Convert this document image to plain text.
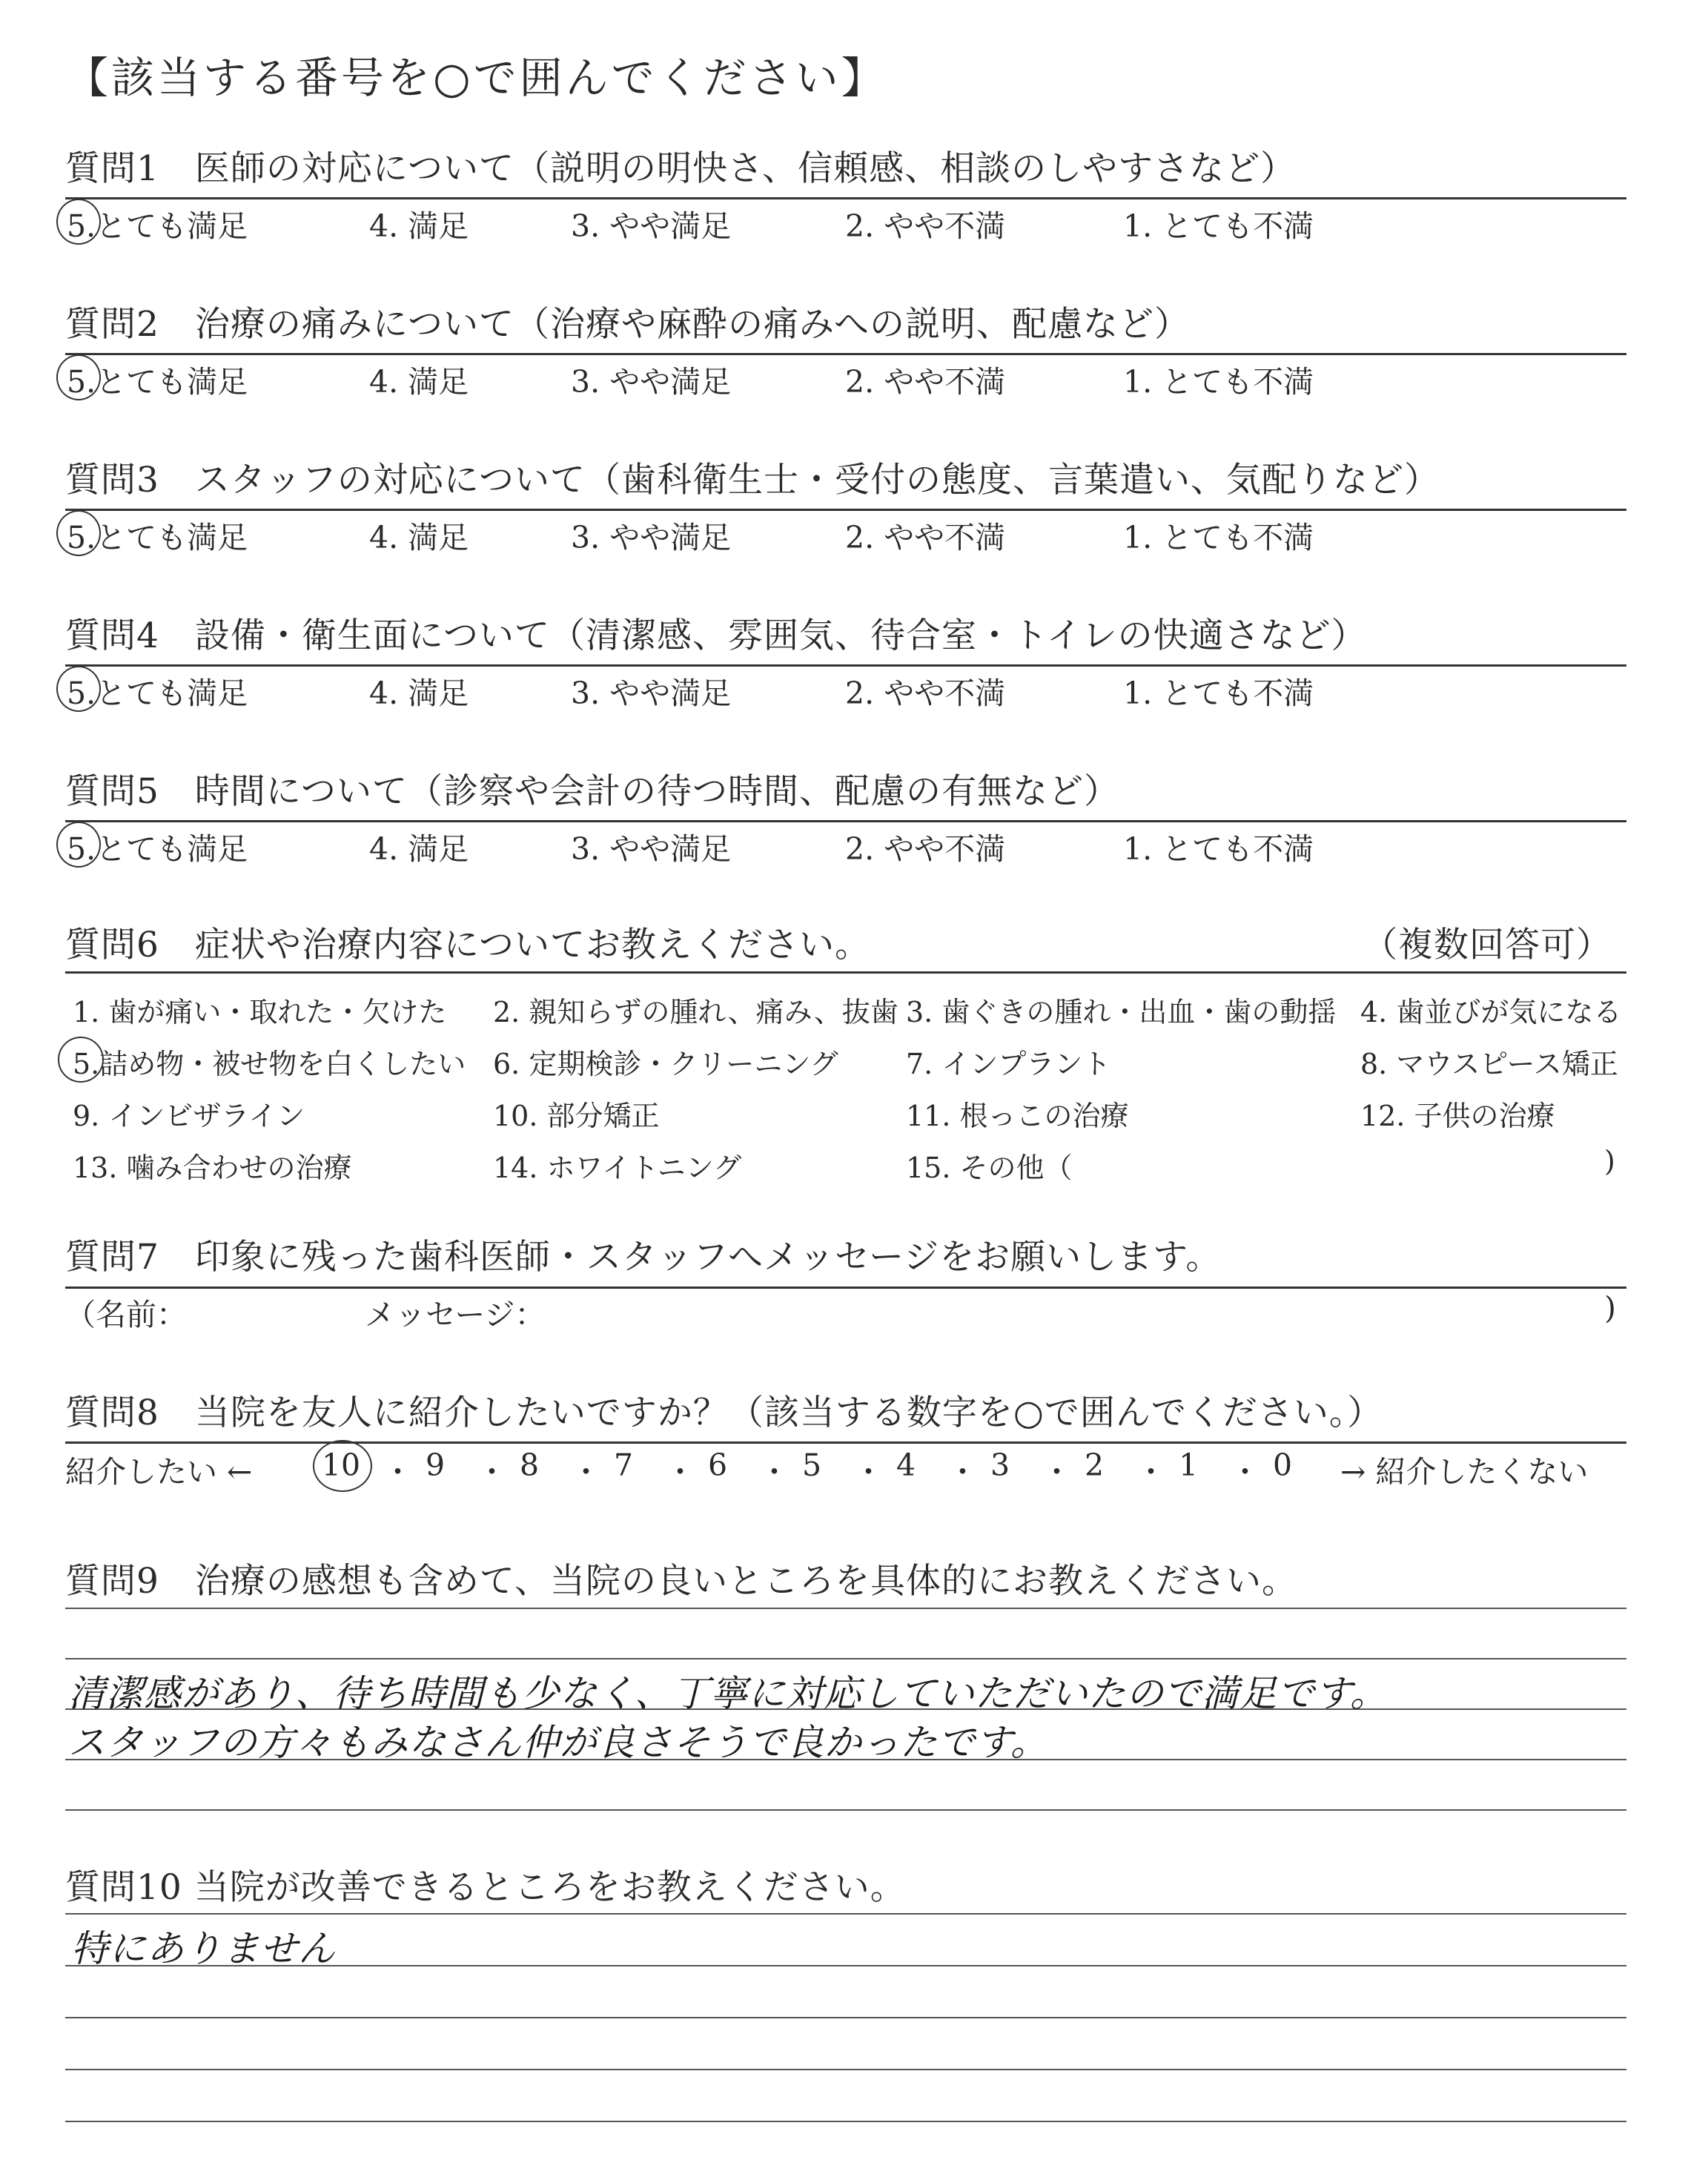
【該当する番号を○で囲んでください】
質問1　医師の対応について（説明の明快さ、信頼感、相談のしやすさなど）
5.とても満足	4. 満足	3. やや満足	2. やや不満	1. とても不満
質問2　治療の痛みについて（治療や麻酔の痛みへの説明、配慮など）
5.とても満足	4. 満足	3. やや満足	2. やや不満	1. とても不満
質問3　スタッフの対応について（歯科衛生士・受付の態度、言葉遣い、気配りなど）
5.とても満足	4. 満足	3. やや満足	2. やや不満	1. とても不満
質問4　設備・衛生面について（清潔感、雰囲気、待合室・トイレの快適さなど）
5.とても満足	4. 満足	3. やや満足	2. やや不満	1. とても不満
質問5　時間について（診察や会計の待つ時間、配慮の有無など）
5.とても満足	4. 満足	3. やや満足	2. やや不満	1. とても不満
質問6　症状や治療内容についてお教えください。	（複数回答可）
1. 歯が痛い・取れた・欠けた 2. 親知らずの腫れ、痛み、抜歯 3. 歯ぐきの腫れ・出血・歯の動揺 4. 歯並びが気になる
5.詰め物・被せ物を白くしたい 6. 定期検診・クリーニング 7. インプラント	8. マウスピース矯正
9. インビザライン	10. 部分矯正	11. 根っこの治療	12. 子供の治療
13. 噛み合わせの治療	14. ホワイトニング	15. その他（	)
質問7　印象に残った歯科医師・スタッフへメッセージをお願いします。
（名前：	メッセージ：	)
質問8　当院を友人に紹介したいですか？（該当する数字を○で囲んでください。）
紹介したい ← 10 ・ 9	・ 8	・ 7	・ 6	・ 5	・ 4	・ 3	・ 2	・ 1	・ 0	→ 紹介したくない
質問9　治療の感想も含めて、当院の良いところを具体的にお教えください。
清潔感があり、待ち時間も少なく、丁寧に対応していただいたので満足です。
スタッフの方々もみなさん仲が良さそうで良かったです。
質問10 当院が改善できるところをお教えください。
特にありません
